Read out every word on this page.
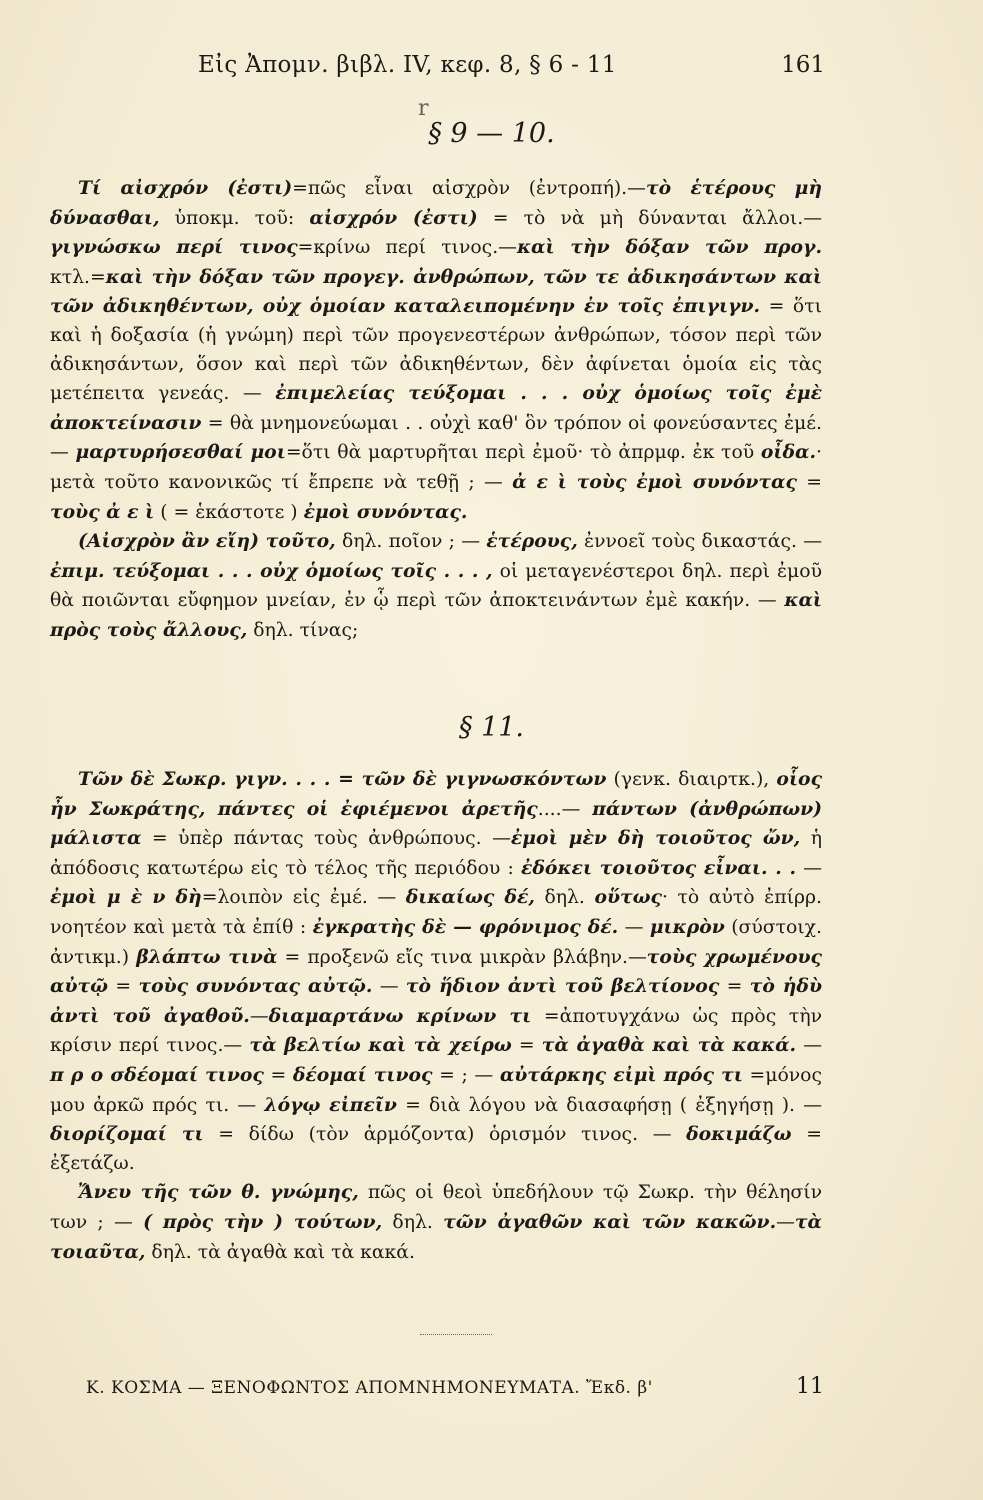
Εἰς Ἀπομν. βιβλ. IV, κεφ. 8, § 6 - 11	161
r
§ 9 — 10.

Τί αἰσχρόν (ἐστι)=πῶς εἶναι αἰσχρὸν (ἐντροπή).—τὸ ἑτέρους μὴ δύνασθαι, ὑποκμ. τοῦ: αἰσχρόν (ἐστι) = τὸ νὰ μὴ δύνανται ἄλλοι.—γιγνώσκω περί τινος=κρίνω περί τινος.—καὶ τὴν δόξαν τῶν προγ. κτλ.=καὶ τὴν δόξαν τῶν προγεγ. ἀνθρώπων, τῶν τε ἀδικησάντων καὶ τῶν ἀδικηθέντων, οὐχ ὁμοίαν καταλειπομένην ἐν τοῖς ἐπιγιγν. = ὅτι καὶ ἡ δοξασία (ἡ γνώμη) περὶ τῶν προγενεστέρων ἀνθρώπων, τόσον περὶ τῶν ἀδικησάντων, ὅσον καὶ περὶ τῶν ἀδικηθέντων, δὲν ἀφίνεται ὁμοία εἰς τὰς μετέπειτα γενεάς. — ἐπιμελείας τεύξομαι . . . οὐχ ὁμοίως τοῖς ἐμὲ ἀποκτείνασιν = θὰ μνημονεύωμαι . . οὐχὶ καθ' ὃν τρόπον οἱ φονεύσαντες ἐμέ.— μαρτυρήσεσθαί μοι=ὅτι θὰ μαρτυρῆται περὶ ἐμοῦ· τὸ ἀπρμφ. ἐκ τοῦ οἶδα.· μετὰ τοῦτο κανονικῶς τί ἔπρεπε νὰ τεθῇ ; — ἀ ε ὶ τοὺς ἐμοὶ συνόντας = τοὺς ἀ ε ὶ ( = ἑκάστοτε ) ἐμοὶ συνόντας.

(Αἰσχρὸν ἂν εἴη) τοῦτο, δηλ. ποῖον ; — ἑτέρους, ἐννοεῖ τοὺς δικαστάς. — ἐπιμ. τεύξομαι . . . οὐχ ὁμοίως τοῖς . . . , οἱ μεταγενέστεροι δηλ. περὶ ἐμοῦ θὰ ποιῶνται εὔφημον μνείαν, ἐν ᾧ περὶ τῶν ἀποκτεινάντων ἐμὲ κακήν. — καὶ πρὸς τοὺς ἄλλους, δηλ. τίνας;

§ 11.

Τῶν δὲ Σωκρ. γιγν. . . . = τῶν δὲ γιγνωσκόντων (γενκ. διαιρτκ.), οἷος ἦν Σωκράτης, πάντες οἱ ἐφιέμενοι ἀρετῆς....— πάντων (ἀνθρώπων) μάλιστα = ὑπὲρ πάντας τοὺς ἀνθρώπους. —ἐμοὶ μὲν δὴ τοιοῦτος ὤν, ἡ ἀπόδοσις κατωτέρω εἰς τὸ τέλος τῆς περιόδου : ἐδόκει τοιοῦτος εἶναι. . . — ἐμοὶ μ ὲ ν δὴ=λοιπὸν εἰς ἐμέ. — δικαίως δέ, δηλ. οὕτως· τὸ αὐτὸ ἐπίρρ. νοητέον καὶ μετὰ τὰ ἐπίθ : ἐγκρατὴς δὲ — φρόνιμος δέ. — μικρὸν (σύστοιχ. ἀντικμ.) βλάπτω τινὰ = προξενῶ εἴς τινα μικρὰν βλάβην.—τοὺς χρωμένους αὐτῷ = τοὺς συνόντας αὐτῷ. — τὸ ἥδιον ἀντὶ τοῦ βελτίονος = τὸ ἡδὺ ἀντὶ τοῦ ἀγαθοῦ.—διαμαρτάνω κρίνων τι =ἀποτυγχάνω ὡς πρὸς τὴν κρίσιν περί τινος.— τὰ βελτίω καὶ τὰ χείρω = τὰ ἀγαθὰ καὶ τὰ κακά. — π ρ ο σδέομαί τινος = δέομαί τινος = ; — αὐτάρκης εἰμὶ πρός τι =μόνος μου ἀρκῶ πρός τι. — λόγῳ εἰπεῖν = διὰ λόγου νὰ διασαφήσῃ ( ἐξηγήσῃ ). — διορίζομαί τι = δίδω (τὸν ἁρμόζοντα) ὁρισμόν τινος. — δοκιμάζω = ἐξετάζω.

Ἄνευ τῆς τῶν θ. γνώμης, πῶς οἱ θεοὶ ὑπεδήλουν τῷ Σωκρ. τὴν θέλησίν των ; — ( πρὸς τὴν ) τούτων, δηλ. τῶν ἀγαθῶν καὶ τῶν κακῶν.—τὰ τοιαῦτα, δηλ. τὰ ἀγαθὰ καὶ τὰ κακά.

Κ. ΚΟΣΜΑ — ΞΕΝΟΦΩΝΤΟΣ ΑΠΟΜΝΗΜΟΝΕΥΜΑΤΑ. Ἔκδ. β'	11
